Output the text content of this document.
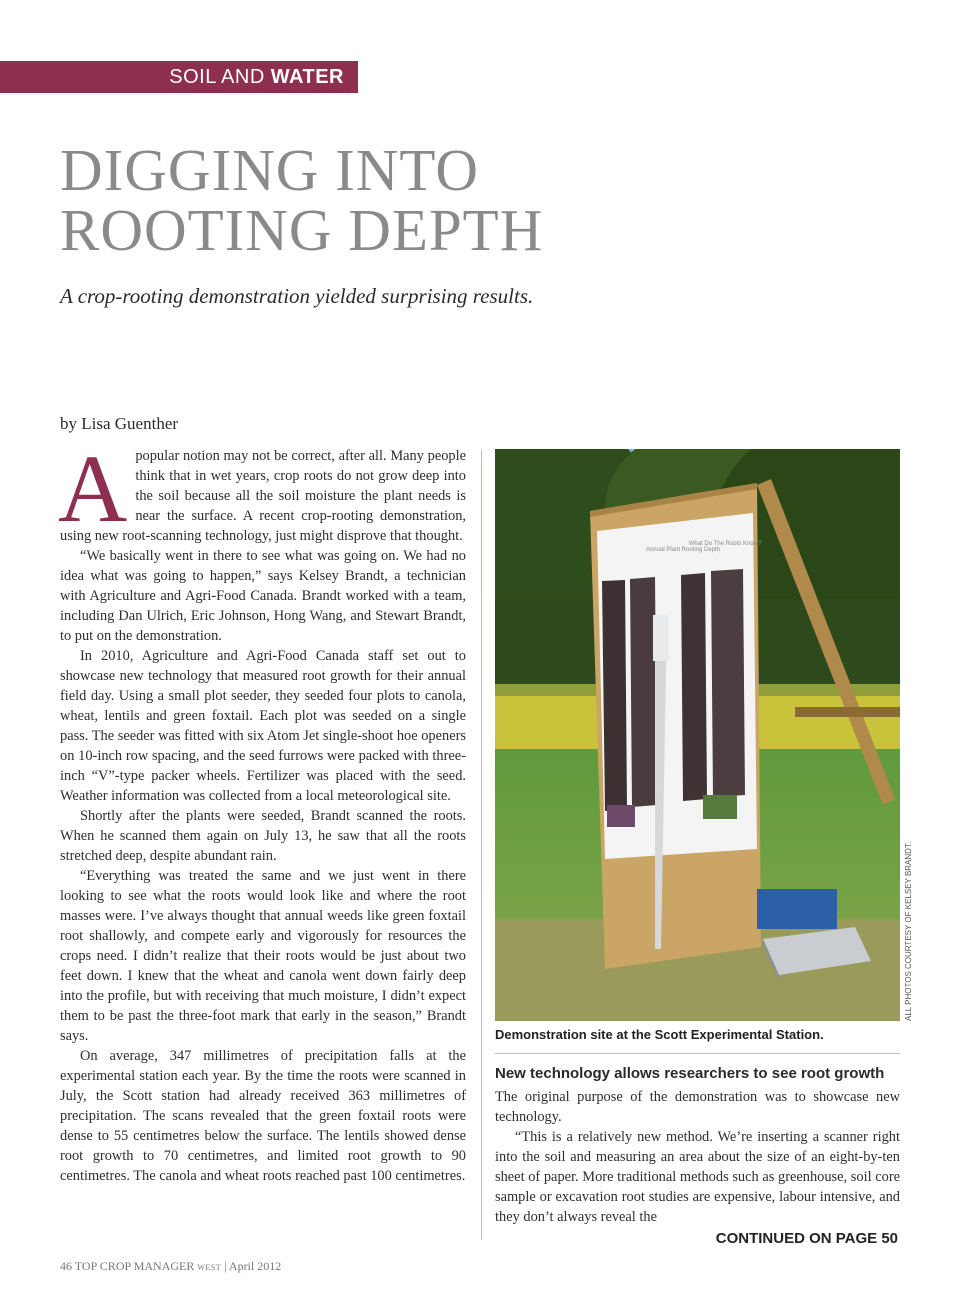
SOIL AND WATER
DIGGING INTO
ROOTING DEPTH
A crop-rooting demonstration yielded surprising results.
by Lisa Guenther

Apopular notion may not be correct, after all. Many people think that in wet years, crop roots do not grow deep into the soil because all the soil moisture the plant needs is near the surface. A recent crop-rooting demonstration, using new root-scanning technology, just might disprove that thought.

“We basically went in there to see what was going on. We had no idea what was going to happen,” says Kelsey Brandt, a technician with Agriculture and Agri-Food Canada. Brandt worked with a team, including Dan Ulrich, Eric Johnson, Hong Wang, and Stewart Brandt, to put on the demonstration.

In 2010, Agriculture and Agri-Food Canada staff set out to showcase new technology that measured root growth for their annual field day. Using a small plot seeder, they seeded four plots to canola, wheat, lentils and green foxtail. Each plot was seeded on a single pass. The seeder was fitted with six Atom Jet single-shoot hoe openers on 10-inch row spacing, and the seed furrows were packed with three-inch “V”-type packer wheels. Fertilizer was placed with the seed. Weather information was collected from a local meteorological site.

Shortly after the plants were seeded, Brandt scanned the roots. When he scanned them again on July 13, he saw that all the roots stretched deep, despite abundant rain.

“Everything was treated the same and we just went in there looking to see what the roots would look like and where the root masses were. I’ve always thought that annual weeds like green foxtail root shallowly, and compete early and vigorously for resources the crops need. I didn’t realize that their roots would be just about two feet down. I knew that the wheat and canola went down fairly deep into the profile, but with receiving that much moisture, I didn’t expect them to be past the three-foot mark that early in the season,” Brandt says.

On average, 347 millimetres of precipitation falls at the experimental station each year. By the time the roots were scanned in July, the Scott station had already received 363 millimetres of precipitation. The scans revealed that the green foxtail roots were dense to 55 centimetres below the surface. The lentils showed dense root growth to 70 centimetres, and limited root growth to 90 centimetres. The canola and wheat roots reached past 100 centimetres.

Annual Plant Rooting Depth
What Do The Roots Know?
ALL PHOTOS COURTESY OF KELSEY BRANDT.
Demonstration site at the Scott Experimental Station.
New technology allows researchers to see root growth

The original purpose of the demonstration was to showcase new technology.

“This is a relatively new method. We’re inserting a scanner right into the soil and measuring an area about the size of an eight-by-ten sheet of paper. More traditional methods such as greenhouse, soil core sample or excavation root studies are expensive, labour intensive, and they don’t always reveal the

CONTINUED ON PAGE 50
46 TOP CROP MANAGER WEST | April 2012
